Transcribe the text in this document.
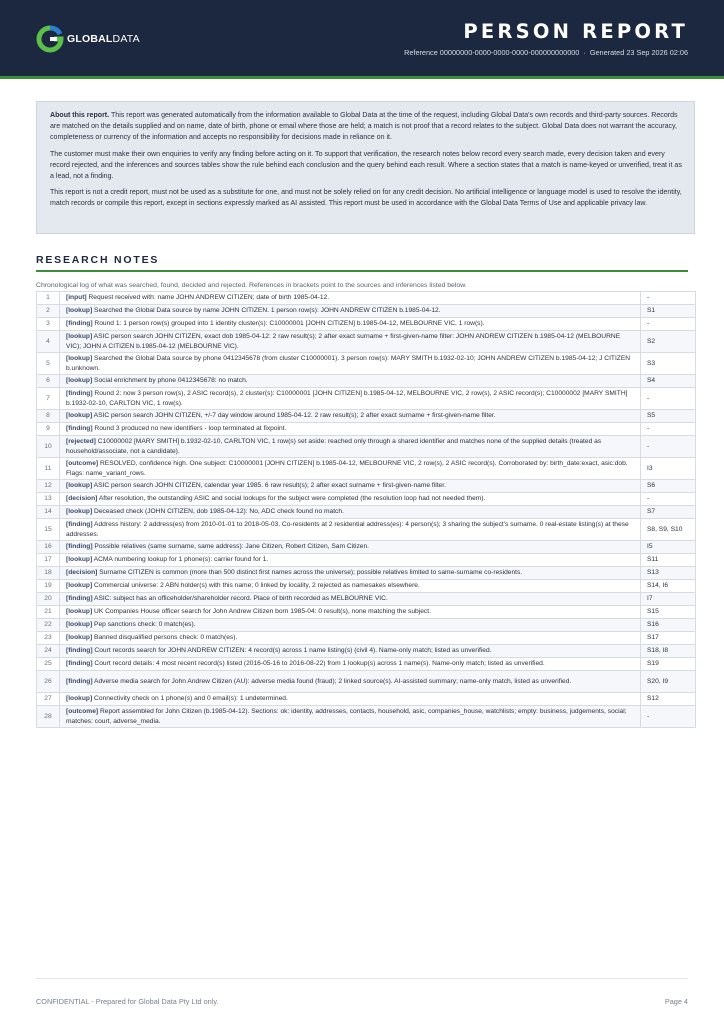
GLOBALDATA	PERSON REPORT
Reference 00000000-0000-0000-0000-000000000000 · Generated 23 Sep 2026 02:06

About this report. This report was generated automatically from the information available to Global Data at the time of the request, including Global Data's own records and third-party sources. Records are matched on the details supplied and on name, date of birth, phone or email where those are held; a match is not proof that a record relates to the subject. Global Data does not warrant the accuracy, completeness or currency of the information and accepts no responsibility for decisions made in reliance on it.

The customer must make their own enquiries to verify any finding before acting on it. To support that verification, the research notes below record every search made, every decision taken and every record rejected, and the inferences and sources tables show the rule behind each conclusion and the query behind each result. Where a section states that a match is name-keyed or unverified, treat it as a lead, not a finding.

This report is not a credit report, must not be used as a substitute for one, and must not be solely relied on for any credit decision. No artificial intelligence or language model is used to resolve the identity, match records or compile this report, except in sections expressly marked as AI assisted. This report must be used in accordance with the Global Data Terms of Use and applicable privacy law.

RESEARCH NOTES
Chronological log of what was searched, found, decided and rejected. References in brackets point to the sources and inferences listed below.
1	[input] Request received with: name JOHN ANDREW CITIZEN; date of birth 1985-04-12.	-
2	[lookup] Searched the Global Data source by name JOHN CITIZEN. 1 person row(s): JOHN ANDREW CITIZEN b.1985-04-12.	S1
3	[finding] Round 1: 1 person row(s) grouped into 1 identity cluster(s): C10000001 [JOHN CITIZEN] b.1985-04-12, MELBOURNE VIC, 1 row(s).	-
4	[lookup] ASIC person search JOHN CITIZEN, exact dob 1985-04-12: 2 raw result(s); 2 after exact surname + first-given-name filter: JOHN ANDREW CITIZEN b.1985-04-12 (MELBOURNE VIC); JOHN A CITIZEN b.1985-04-12 (MELBOURNE VIC).	S2
5	[lookup] Searched the Global Data source by phone 0412345678 (from cluster C10000001). 3 person row(s): MARY SMITH b.1932-02-10; JOHN ANDREW CITIZEN b.1985-04-12; J CITIZEN b.unknown.	S3
6	[lookup] Social enrichment by phone 0412345678: no match.	S4
7	[finding] Round 2: now 3 person row(s), 2 ASIC record(s), 2 cluster(s): C10000001 [JOHN CITIZEN] b.1985-04-12, MELBOURNE VIC, 2 row(s), 2 ASIC record(s); C10000002 [MARY SMITH] b.1932-02-10, CARLTON VIC, 1 row(s).	-
8	[lookup] ASIC person search JOHN CITIZEN, +/-7 day window around 1985-04-12. 2 raw result(s); 2 after exact surname + first-given-name filter.	S5
9	[finding] Round 3 produced no new identifiers - loop terminated at fixpoint.	-
10	[rejected] C10000002 [MARY SMITH] b.1932-02-10, CARLTON VIC, 1 row(s) set aside: reached only through a shared identifier and matches none of the supplied details (treated as household/associate, not a candidate).	-
11	[outcome] RESOLVED, confidence high. One subject: C10000001 [JOHN CITIZEN] b.1985-04-12, MELBOURNE VIC, 2 row(s), 2 ASIC record(s). Corroborated by: birth_date:exact, asic:dob. Flags: name_variant_rows.	I3
12	[lookup] ASIC person search JOHN CITIZEN, calendar year 1985. 6 raw result(s); 2 after exact surname + first-given-name filter.	S6
13	[decision] After resolution, the outstanding ASIC and social lookups for the subject were completed (the resolution loop had not needed them).	-
14	[lookup] Deceased check (JOHN CITIZEN, dob 1985-04-12): No, ADC check found no match.	S7
15	[finding] Address history: 2 address(es) from 2010-01-01 to 2018-05-03. Co-residents at 2 residential address(es): 4 person(s); 3 sharing the subject's surname. 0 real-estate listing(s) at these addresses.	S8, S9, S10
16	[finding] Possible relatives (same surname, same address): Jane Citizen, Robert Citizen, Sam Citizen.	I5
17	[lookup] ACMA numbering lookup for 1 phone(s): carrier found for 1.	S11
18	[decision] Surname CITIZEN is common (more than 500 distinct first names across the universe); possible relatives limited to same-surname co-residents.	S13
19	[lookup] Commercial universe: 2 ABN holder(s) with this name; 0 linked by locality, 2 rejected as namesakes elsewhere.	S14, I6
20	[finding] ASIC: subject has an officeholder/shareholder record. Place of birth recorded as MELBOURNE VIC.	I7
21	[lookup] UK Companies House officer search for John Andrew Citizen born 1985-04: 0 result(s), none matching the subject.	S15
22	[lookup] Pep sanctions check: 0 match(es).	S16
23	[lookup] Banned disqualified persons check: 0 match(es).	S17
24	[finding] Court records search for JOHN ANDREW CITIZEN: 4 record(s) across 1 name listing(s) (civil 4). Name-only match; listed as unverified.	S18, I8
25	[finding] Court record details: 4 most recent record(s) listed (2016-05-16 to 2016-08-22) from 1 lookup(s) across 1 name(s). Name-only match; listed as unverified.	S19
26	[finding] Adverse media search for John Andrew Citizen (AU): adverse media found (fraud); 2 linked source(s). AI-assisted summary; name-only match, listed as unverified.	S20, I9
27	[lookup] Connectivity check on 1 phone(s) and 0 email(s): 1 undetermined.	S12
28	[outcome] Report assembled for John Citizen (b.1985-04-12). Sections: ok: identity, addresses, contacts, household, asic, companies_house, watchlists; empty: business, judgements, social; matches: court, adverse_media.	-
CONFIDENTIAL - Prepared for Global Data Pty Ltd only.	Page 4
